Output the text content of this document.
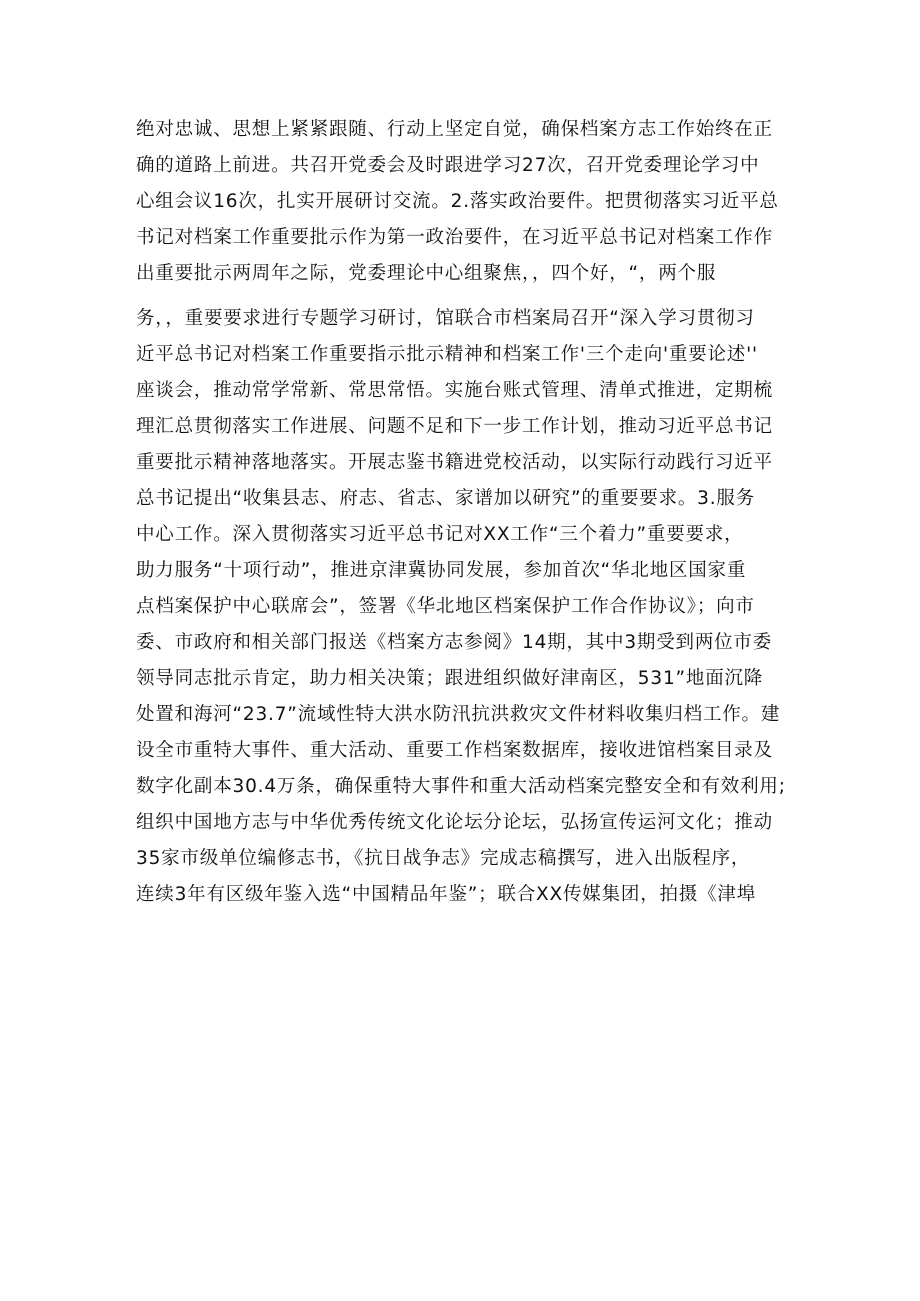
绝对忠诚、思想上紧紧跟随、行动上坚定自觉，确保档案方志工作始终在正
确的道路上前进。共召开党委会及时跟进学习27次，召开党委理论学习中
心组会议16次，扎实开展研讨交流。2.落实政治要件。把贯彻落实习近平总
书记对档案工作重要批示作为第一政治要件，在习近平总书记对档案工作作
出重要批示两周年之际，党委理论中心组聚焦，，四个好，“，两个服
务，，重要要求进行专题学习研讨，馆联合市档案局召开“深入学习贯彻习
近平总书记对档案工作重要指示批示精神和档案工作'三个走向'重要论述''
座谈会，推动常学常新、常思常悟。实施台账式管理、清单式推进，定期梳
理汇总贯彻落实工作进展、问题不足和下一步工作计划，推动习近平总书记
重要批示精神落地落实。开展志鉴书籍进党校活动，以实际行动践行习近平
总书记提出“收集县志、府志、省志、家谱加以研究”的重要要求。3.服务
中心工作。深入贯彻落实习近平总书记对XX工作“三个着力”重要要求，
助力服务“十项行动”，推进京津冀协同发展，参加首次“华北地区国家重
点档案保护中心联席会”，签署《华北地区档案保护工作合作协议》；向市
委、市政府和相关部门报送《档案方志参阅》14期，其中3期受到两位市委
领导同志批示肯定，助力相关决策；跟进组织做好津南区，531”地面沉降
处置和海河“23.7”流域性特大洪水防汛抗洪救灾文件材料收集归档工作。建
设全市重特大事件、重大活动、重要工作档案数据库，接收进馆档案目录及
数字化副本30.4万条，确保重特大事件和重大活动档案完整安全和有效利用;
组织中国地方志与中华优秀传统文化论坛分论坛，弘扬宣传运河文化；推动
35家市级单位编修志书，《抗日战争志》完成志稿撰写，进入出版程序，
连续3年有区级年鉴入选“中国精品年鉴”；联合XX传媒集团，拍摄《津埠
